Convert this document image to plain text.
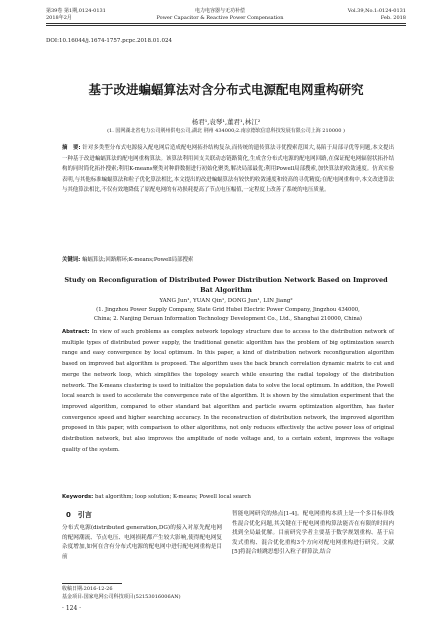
第39卷 第1期,0124-0131
2018年2月
电力电容器与无功补偿
Power Capacitor & Reactive Power Compensation
Vol.39,No.1:0124-0131
Feb. 2018
DOI:10.16044/j.1674-1757.pcpc.2018.01.024
基于改进蝙蝠算法对含分布式电源配电网重构研究
杨君¹,袁琴¹,董君¹,林江²
(1. 国网湖北省电力公司荆州供电公司,湖北 荆州 434000;2.南京德软信息科技发展有限公司上海 210000 )
摘　要: 针对多类型分布式电源接入配电网后造成配电网拓扑结构复杂,而传统的遗传算法寻优搜索范围大,易陷于局部寻优等问题,本文提出一种基于改进蝙蝠算法的配电网重构算法。该算法利用回支关联动态链路简化,生成含分布式电源的配电网回路,在保证配电网辐射状拓扑结构的同时简化拓扑搜索;利用K-means聚类对种群数据进行初始化聚类,解决局部最优;利用Powell局部搜索,加快算法的收敛速度。仿真实验表明,与其他标准蝙蝠算法和粒子优化算法相比,本文提出的改进蝙蝠算法有较快的收敛速度和较高的寻优精度;在配电网重构中,本文改进算法与其他算法相比,不仅有效地降低了原配电网的有功损耗提高了节点电压幅值,一定程度上改善了系统的电压质量。
关键词: 蝙蝠算法;回路解环;K-means;Powell局部搜索
Study on Reconfiguration of Distributed Power Distribution Network Based on Improved
Bat Algorithm
YANG Jun¹, YUAN Qin¹, DONG Jun¹, LIN Jiang²
(1. Jingzhou Power Supply Company, State Grid Hubei Electric Power Company, Jingzhou 434000,
China; 2. Nanjing Deruan Information Technology Development Co., Ltd., Shanghai 210000, China)
Abstract: In view of such problems as complex network topology structure due to access to the distribution network of multiple types of distributed power supply, the traditional genetic algorithm has the problem of big optimization search range and easy convergence by local optimum. In this paper, a kind of distribution network reconfiguration algorithm based on improved bat algorithm is proposed. The algorithm uses the back branch correlation dynamic matrix to cut and merge the network loop, which simplifies the topology search while ensuring the radial topology of the distribution network. The K-means clustering is used to initialize the population data to solve the local optimum. In addition, the Powell local search is used to accelerate the convergence rate of the algorithm. It is shown by the simulation experiment that the improved algorithm, compared to other standard bat algorithm and particle swarm optimization algorithm, has faster convergence speed and higher searching accuracy. In the reconstruction of distribution network, the improved algorithm proposed in this paper, with comparison to other algorithms, not only reduces effectively the active power loss of original distribution network, but also improves the amplitude of node voltage and, to a certain extent, improves the voltage quality of the system.
Keywords: bat algorithm; loop solution; K-means; Powell local search
0　引言
分布式电源(distributed generation,DG)的接入对原先配电网的配网潮流、节点电压、电网损耗都产生较大影响,使得配电网复杂度增加,如何在含有分布式电源的配电网中进行配电网重构是目前
智能电网研究的热点[1-4]。配电网重构本质上是一个多目标非线性混合优化问题,其关键在于配电网重构算法能否在有限的时间内找到全局最优解。目前研究学者主要基于数学规划重构、基于启发式重构、混合优化重构3个方向对配电网重构进行研究。文献[5]将混合蛙跳思想引入粒子群算法,结合
收稿日期:2016-12-26
基金项目:国家电网公司科技项目(52153016006AN)
· 124 ·
